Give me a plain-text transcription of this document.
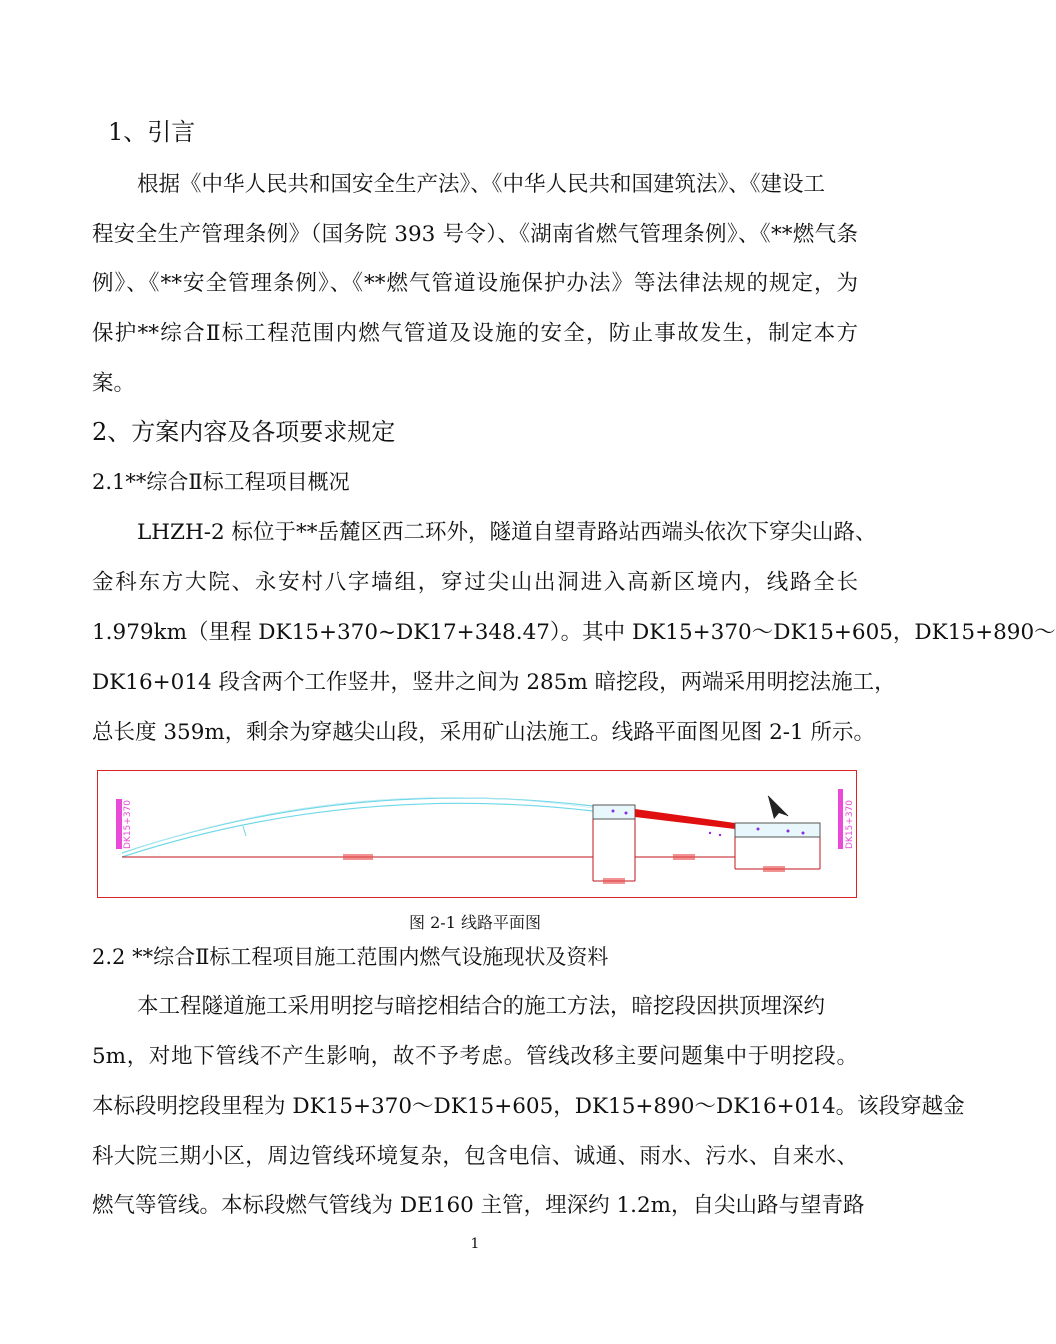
1、引言
根据《中华人民共和国安全生产法》、《中华人民共和国建筑法》、《建设工
程安全生产管理条例》（国务院 393 号令）、《湖南省燃气管理条例》、《**燃气条
例》、《**安全管理条例》、《**燃气管道设施保护办法》等法律法规的规定，为
保护**综合Ⅱ标工程范围内燃气管道及设施的安全，防止事故发生，制定本方
案。
2、方案内容及各项要求规定
2.1**综合Ⅱ标工程项目概况
LHZH-2 标位于**岳麓区西二环外，隧道自望青路站西端头依次下穿尖山路、
金科东方大院、永安村八字墙组，穿过尖山出洞进入高新区境内，线路全长
1.979km（里程 DK15+370~DK17+348.47）。其中 DK15+370～DK15+605，DK15+890～
DK16+014 段含两个工作竖井，竖井之间为 285m 暗挖段，两端采用明挖法施工，
总长度 359m，剩余为穿越尖山段，采用矿山法施工。线路平面图见图 2-1 所示。
DK15+370	DK15+370
图 2-1 线路平面图
2.2 **综合Ⅱ标工程项目施工范围内燃气设施现状及资料
本工程隧道施工采用明挖与暗挖相结合的施工方法，暗挖段因拱顶埋深约
5m，对地下管线不产生影响，故不予考虑。管线改移主要问题集中于明挖段。
本标段明挖段里程为 DK15+370～DK15+605，DK15+890～DK16+014。该段穿越金
科大院三期小区，周边管线环境复杂，包含电信、诚通、雨水、污水、自来水、
燃气等管线。本标段燃气管线为 DE160 主管，埋深约 1.2m，自尖山路与望青路
1
